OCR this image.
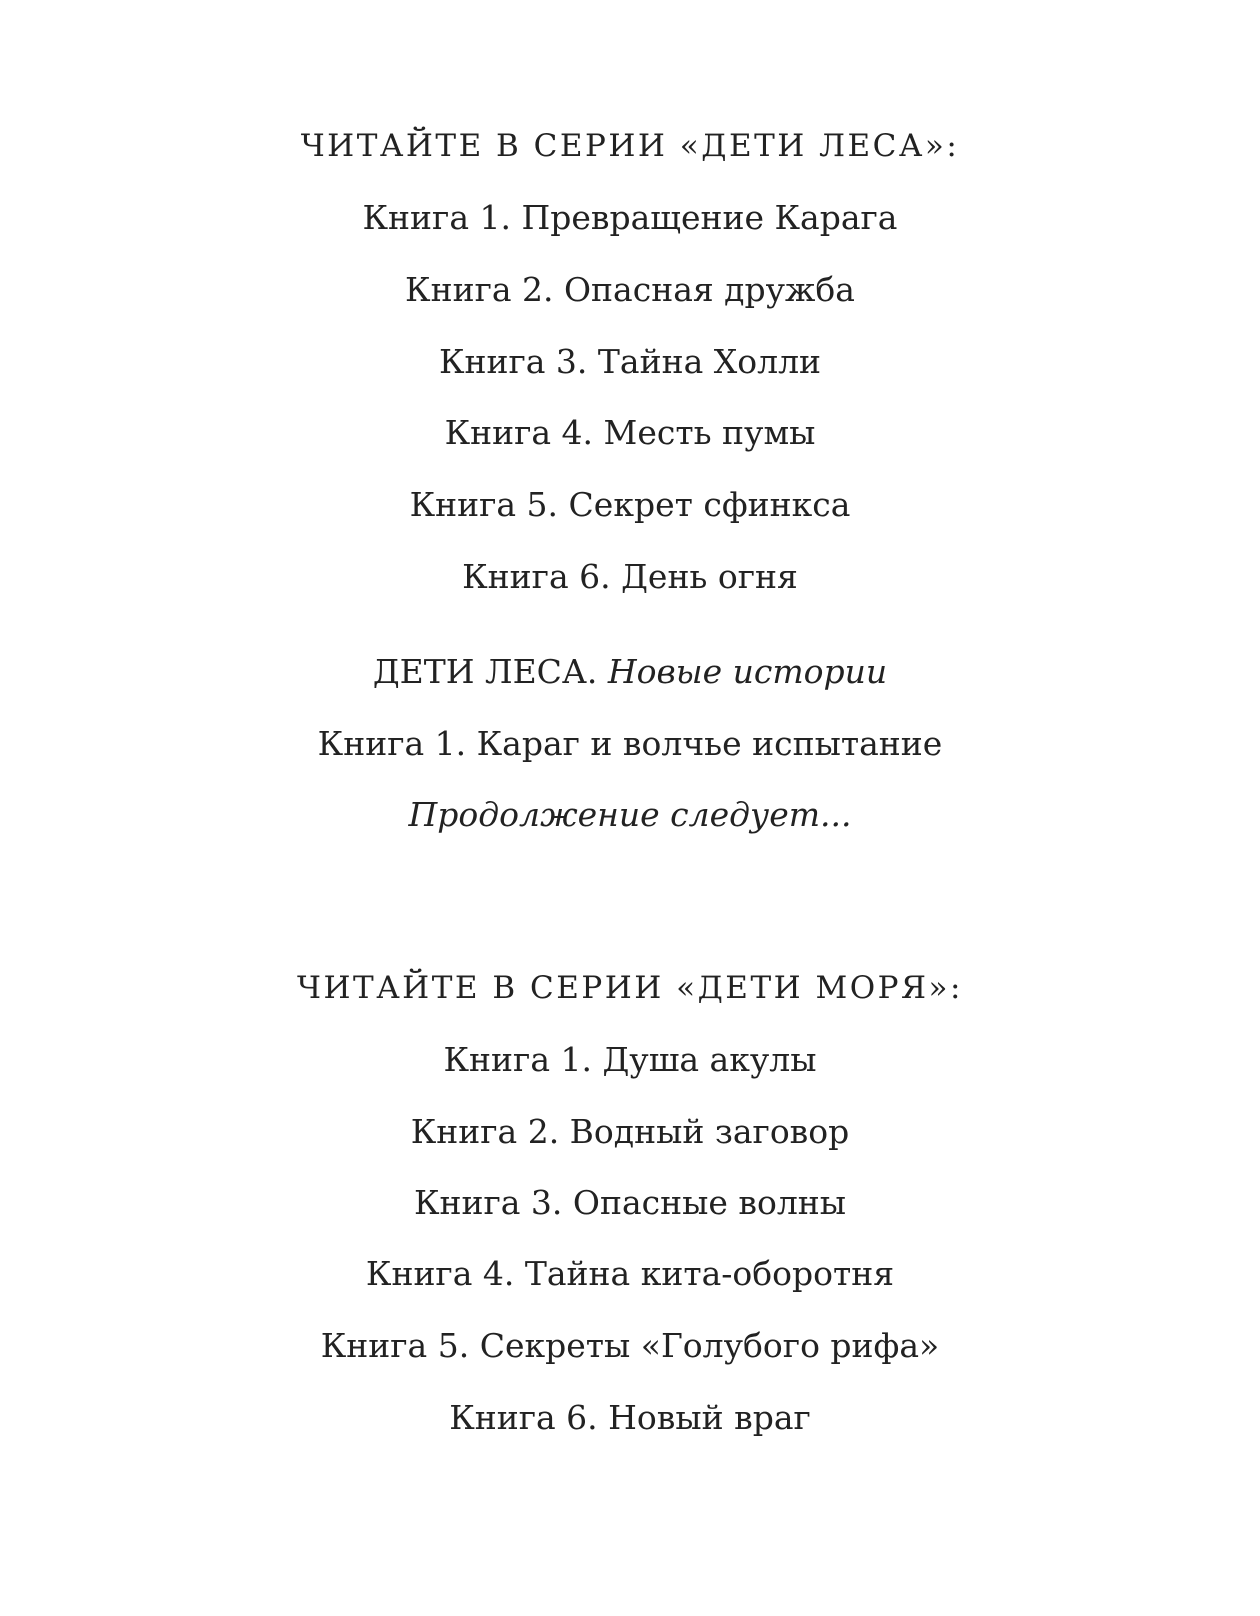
ЧИТАЙТЕ В СЕРИИ «ДЕТИ ЛЕСА»:
Книга 1. Превращение Карага
Книга 2. Опасная дружба
Книга 3. Тайна Холли
Книга 4. Месть пумы
Книга 5. Секрет сфинкса
Книга 6. День огня
ДЕТИ ЛЕСА. Новые истории
Книга 1. Караг и волчье испытание
Продолжение следует...
ЧИТАЙТЕ В СЕРИИ «ДЕТИ МОРЯ»:
Книга 1. Душа акулы
Книга 2. Водный заговор
Книга 3. Опасные волны
Книга 4. Тайна кита-оборотня
Книга 5. Секреты «Голубого рифа»
Книга 6. Новый враг
